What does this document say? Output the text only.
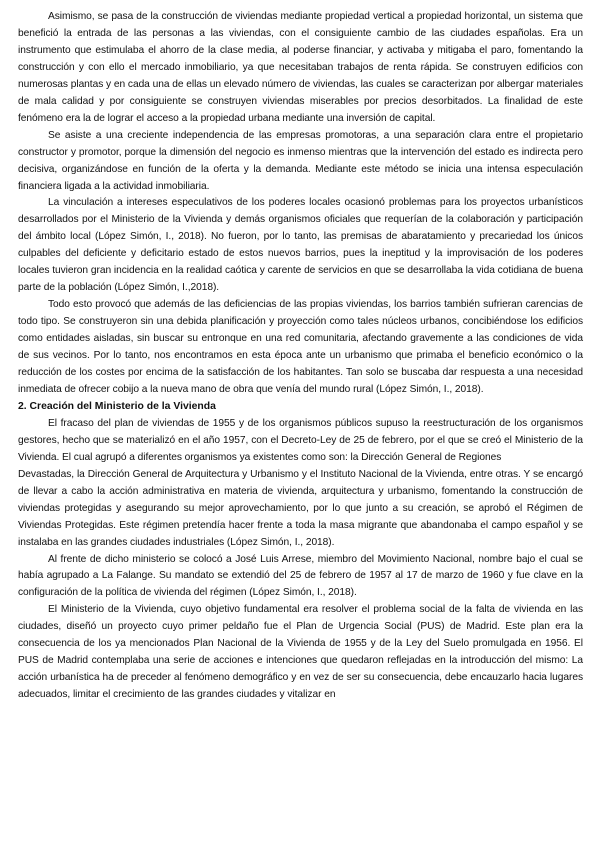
Asimismo, se pasa de la construcción de viviendas mediante propiedad vertical a propiedad horizontal, un sistema que benefició la entrada de las personas a las viviendas, con el consiguiente cambio de las ciudades españolas. Era un instrumento que estimulaba el ahorro de la clase media, al poderse financiar, y activaba y mitigaba el paro, fomentando la construcción y con ello el mercado inmobiliario, ya que necesitaban trabajos de renta rápida. Se construyen edificios con numerosas plantas y en cada una de ellas un elevado número de viviendas, las cuales se caracterizan por albergar materiales de mala calidad y por consiguiente se construyen viviendas miserables por precios desorbitados. La finalidad de este fenómeno era la de lograr el acceso a la propiedad urbana mediante una inversión de capital.

Se asiste a una creciente independencia de las empresas promotoras, a una separación clara entre el propietario constructor y promotor, porque la dimensión del negocio es inmenso mientras que la intervención del estado es indirecta pero decisiva, organizándose en función de la oferta y la demanda. Mediante este método se inicia una intensa especulación financiera ligada a la actividad inmobiliaria.

La vinculación a intereses especulativos de los poderes locales ocasionó problemas para los proyectos urbanísticos desarrollados por el Ministerio de la Vivienda y demás organismos oficiales que requerían de la colaboración y participación del ámbito local (López Simón, I., 2018). No fueron, por lo tanto, las premisas de abaratamiento y precariedad los únicos culpables del deficiente y deficitario estado de estos nuevos barrios, pues la ineptitud y la improvisación de los poderes locales tuvieron gran incidencia en la realidad caótica y carente de servicios en que se desarrollaba la vida cotidiana de buena parte de la población (López Simón, I.,2018).

Todo esto provocó que además de las deficiencias de las propias viviendas, los barrios también sufrieran carencias de todo tipo. Se construyeron sin una debida planificación y proyección como tales núcleos urbanos, concibiéndose los edificios como entidades aisladas, sin buscar su entronque en una red comunitaria, afectando gravemente a las condiciones de vida de sus vecinos. Por lo tanto, nos encontramos en esta época ante un urbanismo que primaba el beneficio económico o la reducción de los costes por encima de la satisfacción de los habitantes. Tan solo se buscaba dar respuesta a una necesidad inmediata de ofrecer cobijo a la nueva mano de obra que venía del mundo rural (López Simón, I., 2018).

2. Creación del Ministerio de la Vivienda

El fracaso del plan de viviendas de 1955 y de los organismos públicos supuso la reestructuración de los organismos gestores, hecho que se materializó en el año 1957, con el Decreto-Ley de 25 de febrero, por el que se creó el Ministerio de la Vivienda. El cual agrupó a diferentes organismos ya existentes como son: la Dirección General de Regiones

Devastadas, la Dirección General de Arquitectura y Urbanismo y el Instituto Nacional de la Vivienda, entre otras. Y se encargó de llevar a cabo la acción administrativa en materia de vivienda, arquitectura y urbanismo, fomentando la construcción de viviendas protegidas y asegurando su mejor aprovechamiento, por lo que junto a su creación, se aprobó el Régimen de Viviendas Protegidas. Este régimen pretendía hacer frente a toda la masa migrante que abandonaba el campo español y se instalaba en las grandes ciudades industriales (López Simón, I., 2018).

Al frente de dicho ministerio se colocó a José Luis Arrese, miembro del Movimiento Nacional, nombre bajo el cual se había agrupado a La Falange. Su mandato se extendió del 25 de febrero de 1957 al 17 de marzo de 1960 y fue clave en la configuración de la política de vivienda del régimen (López Simón, I., 2018).

El Ministerio de la Vivienda, cuyo objetivo fundamental era resolver el problema social de la falta de vivienda en las ciudades, diseñó un proyecto cuyo primer peldaño fue el Plan de Urgencia Social (PUS) de Madrid. Este plan era la consecuencia de los ya mencionados Plan Nacional de la Vivienda de 1955 y de la Ley del Suelo promulgada en 1956. El PUS de Madrid contemplaba una serie de acciones e intenciones que quedaron reflejadas en la introducción del mismo: La acción urbanística ha de preceder al fenómeno demográfico y en vez de ser su consecuencia, debe encauzarlo hacia lugares adecuados, limitar el crecimiento de las grandes ciudades y vitalizar en
